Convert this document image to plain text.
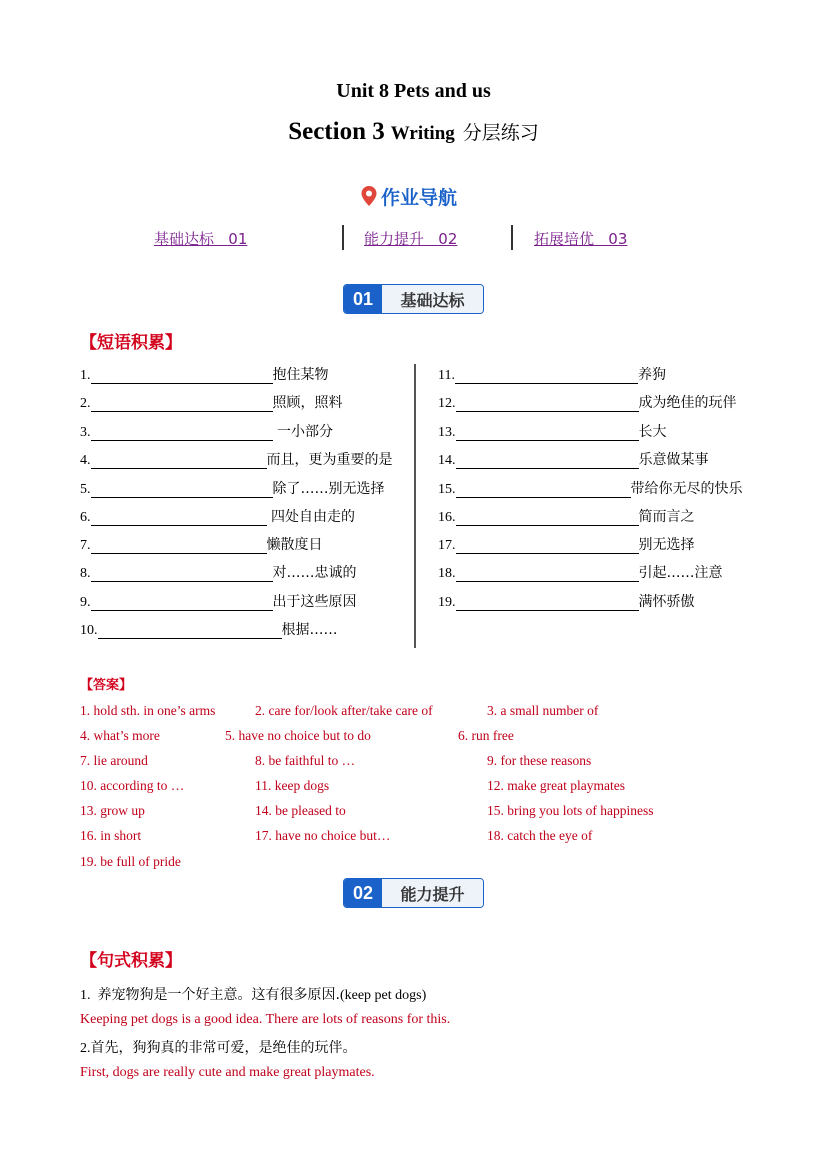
Unit 8 Pets and us
Section 3 Writing 分层练习
作业导航
基础达标   01	能力提升   02	拓展培优   03
01	基础达标
【短语积累】
1.	抱住某物
2.	照顾，照料
3.	一小部分
4.	而且，更为重要的是
5.	除了……别无选择
6.	四处自由走的
7.	懒散度日
8.	对……忠诚的
9.	出于这些原因
10.	根据……
11.	养狗
12.	成为绝佳的玩伴
13.	长大
14.	乐意做某事
15.	带给你无尽的快乐
16.	简而言之
17.	别无选择
18.	引起……注意
19.	满怀骄傲
【答案】
1. hold sth. in one’s arms	2. care for/look after/take care of	3. a small number of
4. what’s more	5. have no choice but to do	6. run free
7. lie around	8. be faithful to …	9. for these reasons
10. according to …	11. keep dogs	12. make great playmates
13. grow up	14. be pleased to	15. bring you lots of happiness
16. in short	17. have no choice but…	18. catch the eye of
19. be full of pride
02	能力提升
【句式积累】
1.  养宠物狗是一个好主意。这有很多原因.(keep pet dogs)
Keeping pet dogs is a good idea. There are lots of reasons for this.
2.首先，狗狗真的非常可爱，是绝佳的玩伴。
First, dogs are really cute and make great playmates.
